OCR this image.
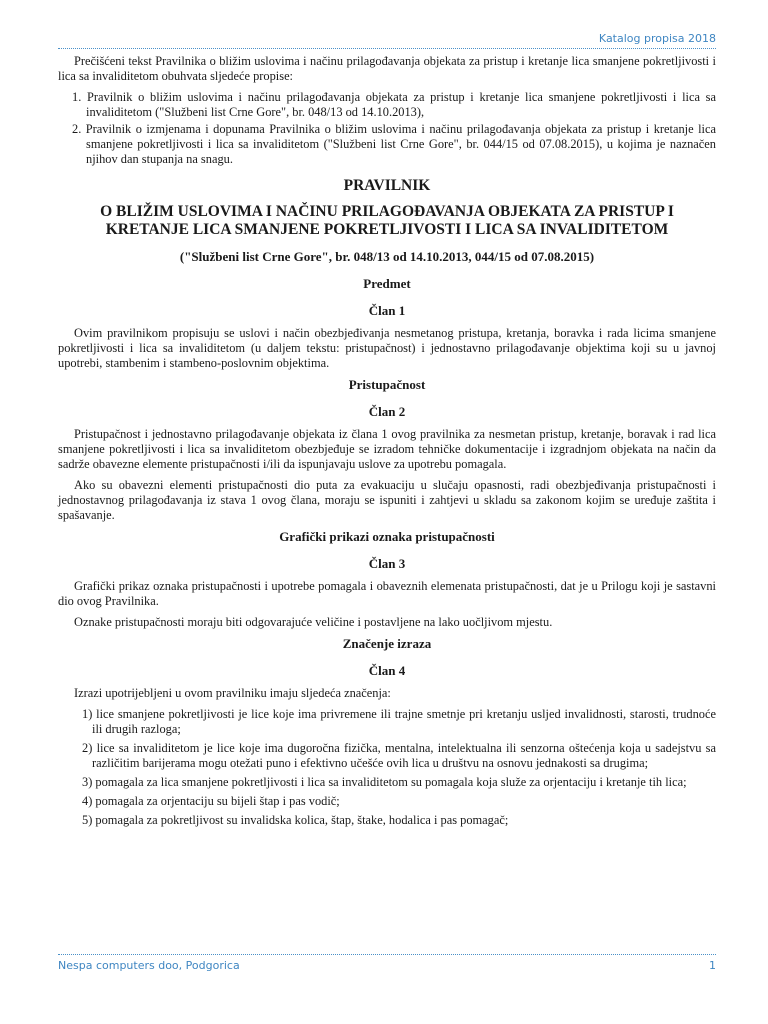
Katalog propisa 2018

Prečišćeni tekst Pravilnika o bližim uslovima i načinu prilagođavanja objekata za pristup i kretanje lica smanjene pokretljivosti i lica sa invaliditetom obuhvata sljedeće propise:

1. Pravilnik o bližim uslovima i načinu prilagođavanja objekata za pristup i kretanje lica smanjene pokretljivosti i lica sa invaliditetom ("Službeni list Crne Gore", br. 048/13 od 14.10.2013),

2. Pravilnik o izmjenama i dopunama Pravilnika o bližim uslovima i načinu prilagođavanja objekata za pristup i kretanje lica smanjene pokretljivosti i lica sa invaliditetom ("Službeni list Crne Gore", br. 044/15 od 07.08.2015), u kojima je naznačen njihov dan stupanja na snagu.

PRAVILNIK
O BLIŽIM USLOVIMA I NAČINU PRILAGOĐAVANJA OBJEKATA ZA PRISTUP I KRETANJE LICA SMANJENE POKRETLJIVOSTI I LICA SA INVALIDITETOM
("Službeni list Crne Gore", br. 048/13 od 14.10.2013, 044/15 od 07.08.2015)
Predmet
Član 1

Ovim pravilnikom propisuju se uslovi i način obezbjeđivanja nesmetanog pristupa, kretanja, boravka i rada licima smanjene pokretljivosti i lica sa invaliditetom (u daljem tekstu: pristupačnost) i jednostavno prilagođavanje objektima koji su u javnoj upotrebi, stambenim i stambeno-poslovnim objektima.

Pristupačnost
Član 2

Pristupačnost i jednostavno prilagođavanje objekata iz člana 1 ovog pravilnika za nesmetan pristup, kretanje, boravak i rad lica smanjene pokretljivosti i lica sa invaliditetom obezbjeđuje se izradom tehničke dokumentacije i izgradnjom objekata na način da sadrže obavezne elemente pristupačnosti i/ili da ispunjavaju uslove za upotrebu pomagala.

Ako su obavezni elementi pristupačnosti dio puta za evakuaciju u slučaju opasnosti, radi obezbjeđivanja pristupačnosti i jednostavnog prilagođavanja iz stava 1 ovog člana, moraju se ispuniti i zahtjevi u skladu sa zakonom kojim se uređuje zaštita i spašavanje.

Grafički prikazi oznaka pristupačnosti
Član 3

Grafički prikaz oznaka pristupačnosti i upotrebe pomagala i obaveznih elemenata pristupačnosti, dat je u Prilogu koji je sastavni dio ovog Pravilnika.

Oznake pristupačnosti moraju biti odgovarajuće veličine i postavljene na lako uočljivom mjestu.

Značenje izraza
Član 4

Izrazi upotrijebljeni u ovom pravilniku imaju sljedeća značenja:

1) lice smanjene pokretljivosti je lice koje ima privremene ili trajne smetnje pri kretanju usljed invalidnosti, starosti, trudnoće ili drugih razloga;

2) lice sa invaliditetom je lice koje ima dugoročna fizička, mentalna, intelektualna ili senzorna oštećenja koja u sadejstvu sa različitim barijerama mogu otežati puno i efektivno učešće ovih lica u društvu na osnovu jednakosti sa drugima;

3) pomagala za lica smanjene pokretljivosti i lica sa invaliditetom su pomagala koja služe za orjentaciju i kretanje tih lica;

4) pomagala za orjentaciju su bijeli štap i pas vodič;

5) pomagala za pokretljivost su invalidska kolica, štap, štake, hodalica i pas pomagač;

Nespa computers doo, Podgorica	1
